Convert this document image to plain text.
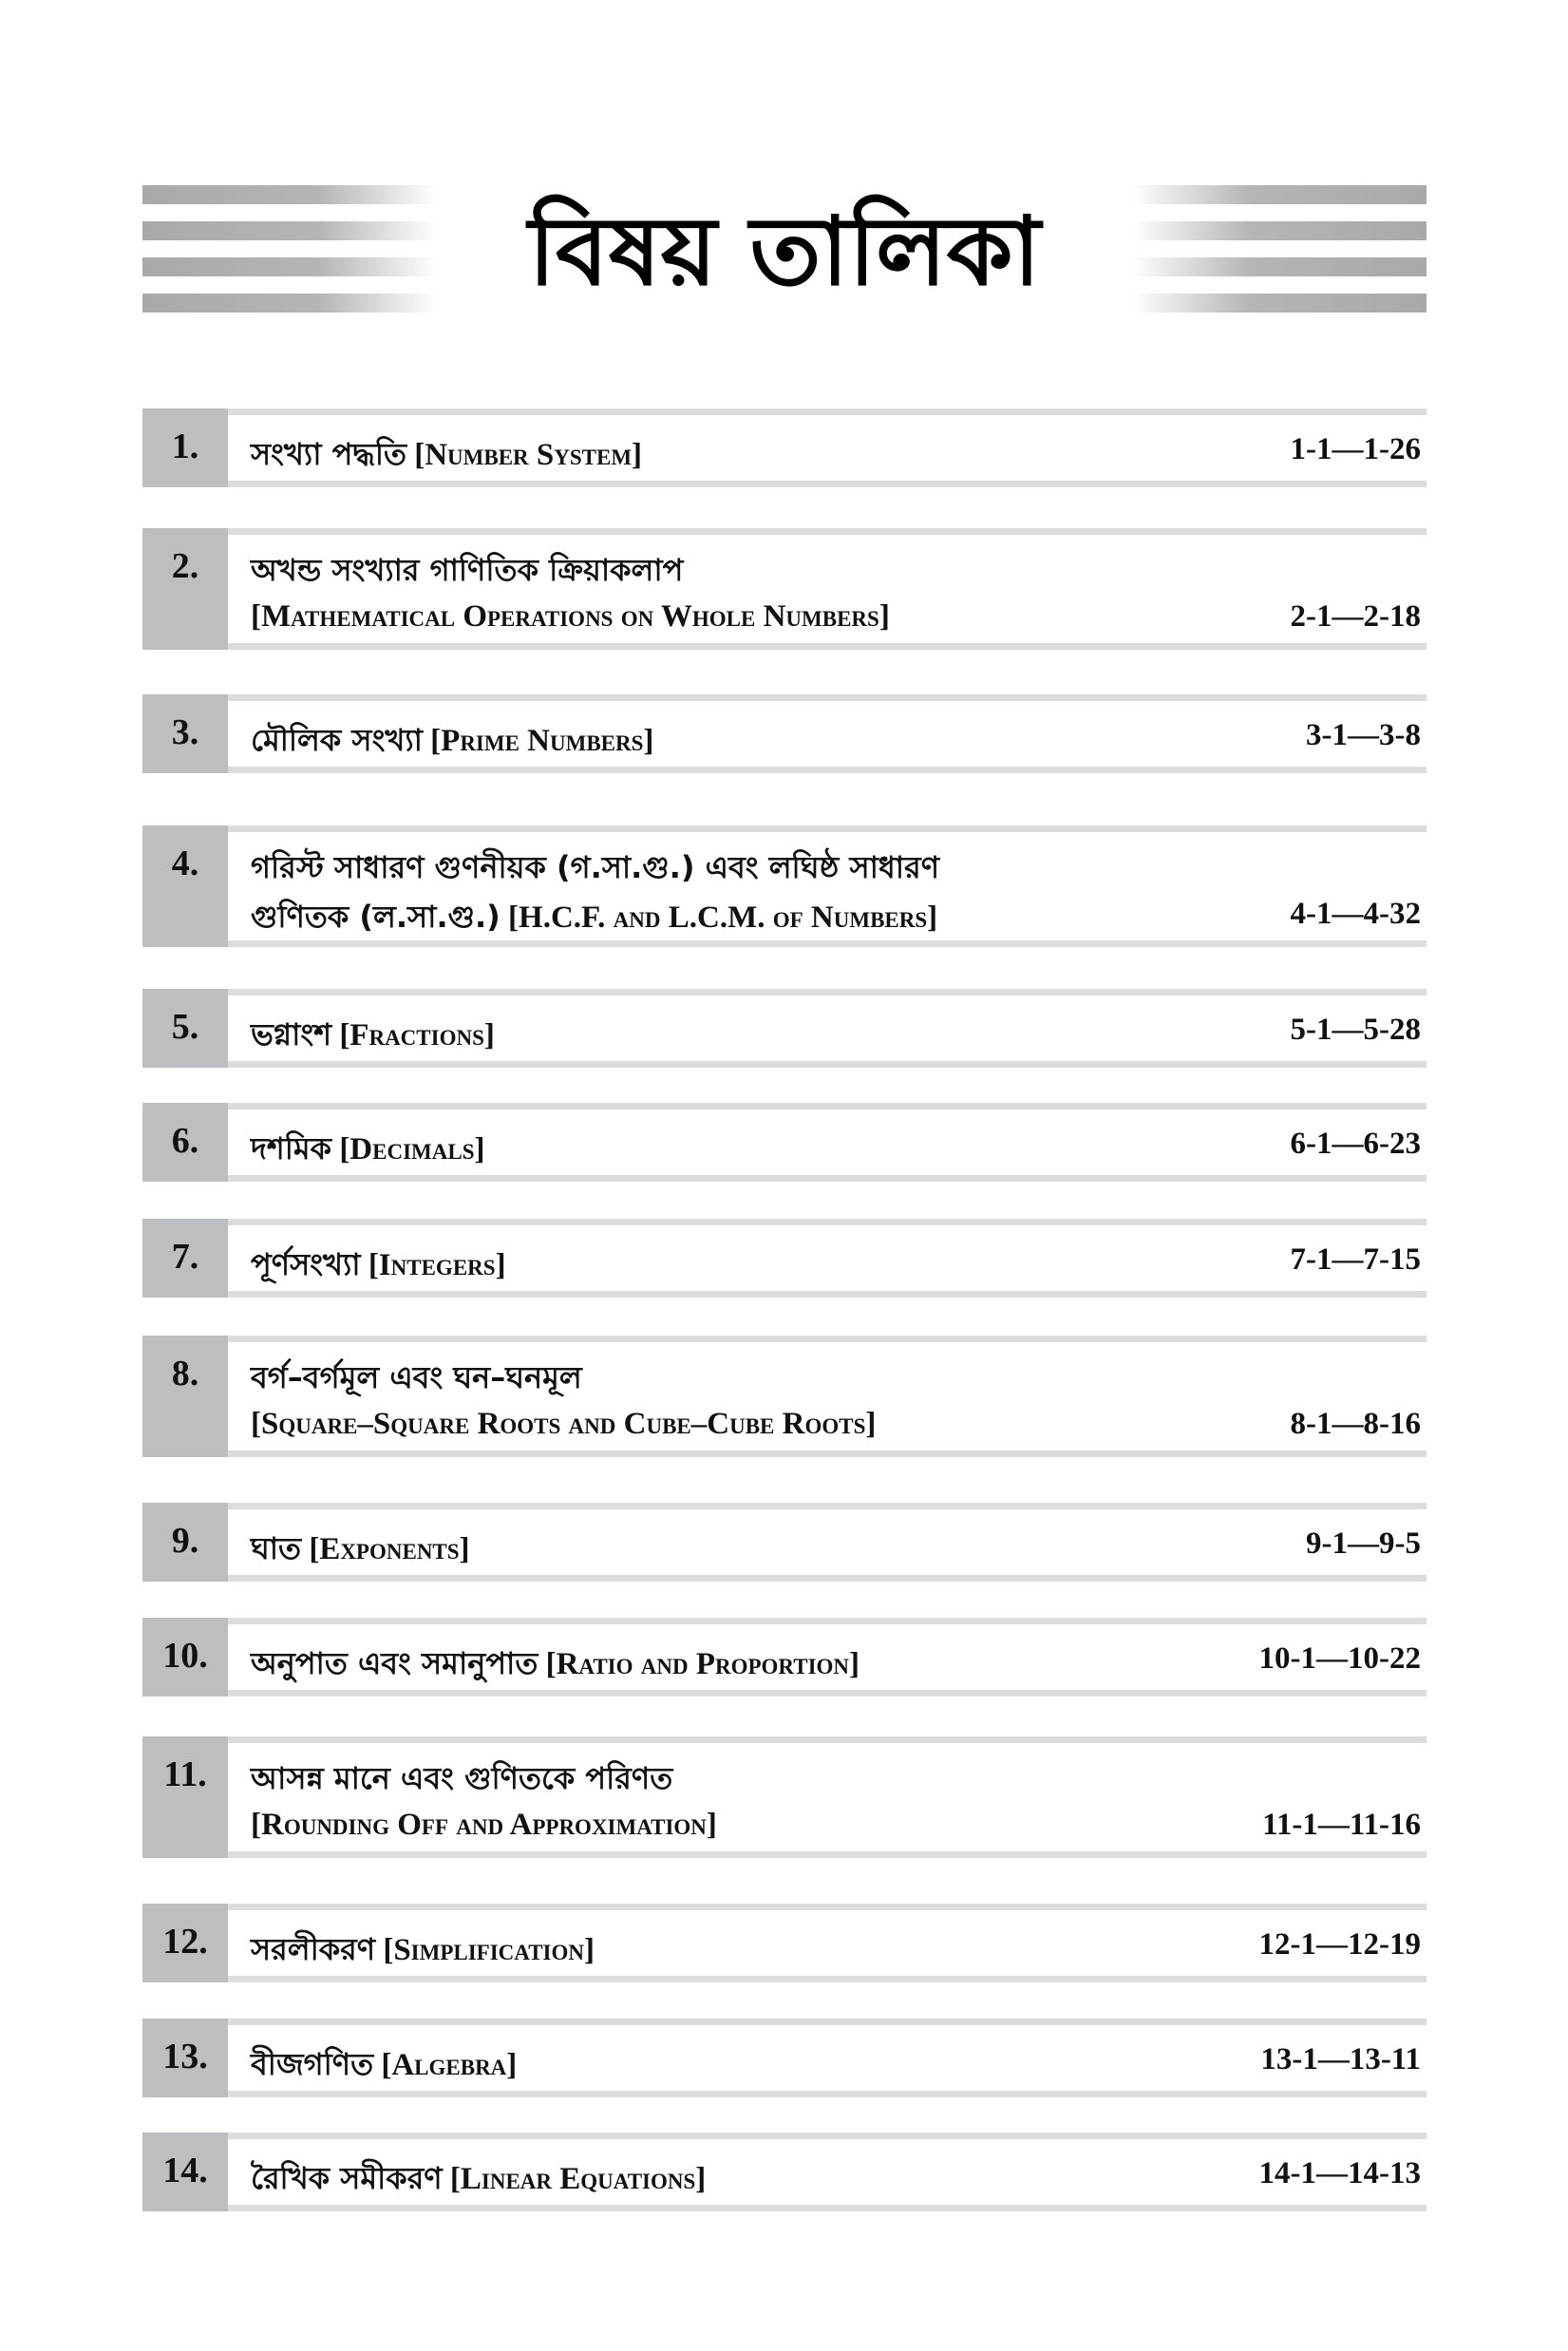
বিষয় তালিকা
1.	সংখ্যা পদ্ধতি [Number System]	1-1—1-26
2.	অখন্ড সংখ্যার গাণিতিক ক্রিয়াকলাপ
[Mathematical Operations on Whole Numbers]	2-1—2-18
3.	মৌলিক সংখ্যা [Prime Numbers]	3-1—3-8
4.	গরিস্ট সাধারণ গুণনীয়ক (গ.সা.গু.) এবং লঘিষ্ঠ সাধারণ
গুণিতক (ল.সা.গু.) [H.C.F. and L.C.M. of Numbers]	4-1—4-32
5.	ভগ্নাংশ [Fractions]	5-1—5-28
6.	দশমিক [Decimals]	6-1—6-23
7.	পূর্ণসংখ্যা [Integers]	7-1—7-15
8.	বর্গ–বর্গমূল এবং ঘন–ঘনমূল
[Square–Square Roots and Cube–Cube Roots]	8-1—8-16
9.	ঘাত [Exponents]	9-1—9-5
10.	অনুপাত এবং সমানুপাত [Ratio and Proportion]	10-1—10-22
11.	আসন্ন মানে এবং গুণিতকে পরিণত
[Rounding Off and Approximation]	11-1—11-16
12.	সরলীকরণ [Simplification]	12-1—12-19
13.	বীজগণিত [Algebra]	13-1—13-11
14.	রৈখিক সমীকরণ [Linear Equations]	14-1—14-13
